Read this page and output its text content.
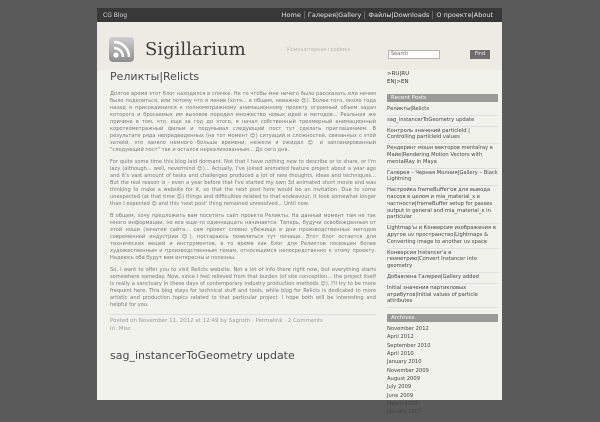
CG Blog	Home	Галерея|Gallery	Файлы|Downloads	О проекте|About
Sigillarium	Компьютерная графика
Search	Find
Реликты|Relicts

Долгое время этот блог находился в спячке. Не то чтобы мне нечего было рассказать или нечем было поделиться, или потому что я ленив (хотя... в общем, неважно 😊). Более того, около года назад я присоединился к полнометражному анимационному проекту огромный объем задач которого и бросаемых им вызовов породил множество новых идей и методов... Реальная же причина в том, что, еще за год до этого, я начал собственный трехмерный анимационный короткометражный фильм и подумывал следующий пост тут сделать приглашением. В результате ряда непредвиденных (на тот момент 😊) ситуаций и сложностей, связанных с этой затеей, это заняло немного больше времени, нежели я ожидал 😊 и запланированный "следующий пост" так и остался нереализованным... До сего дня.

For quite some time this blog laid dormant. Not that I have nothing new to describe or to share, or I'm lazy (although... well, nevermind 😊)... Actually, I've joined animated feature project about a year ago and it's vast amount of tasks and challenges produced a lot of new thoughts, ideas and techniques... But the real reason is – even a year before that I've started my own 3d animated short movie and was thinking to make a website for it, so that the next post here would be an invitation. Due to some unexpected (at that time 😊) things and difficulties related to that endeavour, it took somewhat longer than I expected 😊 and this 'next post' thing remained unresolved... Until now.

В общем, хочу предложить вам посетить сайт проекта Реликты. На данный момент там не так много информации, но все еще-то одиннадцать начинается. Теперь, будучи освобожденным от этой ноши (зачатия сайта... сам проект словно убежище в дни производственных методов современной индустрии 😊), постараюсь появляться тут почаще. Этот блог остается для технических вещей и инструментов, в то время как блог для Реликтов посвящен более художественным и производственным темам, относящимся непосредственно к этому проекту. Надеюсь оба будут вам интересны и полезны.

So, I want to offer you to visit Relicts website. Not a lot of info there right now, but everything starts somewhere someday. Now, since I feel relieved from that burden (of site conception... the project itself is really a sanctuary in these days of contemporary industry production methods 😊), I'll try to be more frequent here. This blog stays for technical stuff and tools, while blog for Relicts is dedicated to more artistic and production topics related to that particular project. I hope both will be interesting and helpful for you.

Posted on November 11, 2012 at 12:49 by Sagroth · Permalink · 2 Comments
In: Misc
sag_instancerToGeometry update
>RU|RU
EN|>EN
Recent Posts
Реликты|Relicts
sag_instancerToGeometry update
Контроль значений particleId | Controlling particleId values
Рендеринг мошн векторов mentalray в Майе|Rendering Motion Vectors with mentalRay in Maya
Галерея – Черная Молния|Gallery – Black Lightning
Настройка frameBuffer'ов для вывода пассов в целом и mia_material_x в частности|frameBuffer setup for passes output in general and mia_material_x in particular
Lightmap'ы и Конверсия изображения в другое uv пространство|Lightmaps & Converting image to another uv space
Конверсия Instancer'а в геометрию|Convert Instancer into geometry
Добавлена Галерея|Gallery added
Initial значения партикловых атрибутов|Initial values of particle attributes
Archives
November 2012
April 2012
September 2010
April 2010
January 2010
November 2009
August 2009
July 2009
June 2009
March 2009
January 2007
